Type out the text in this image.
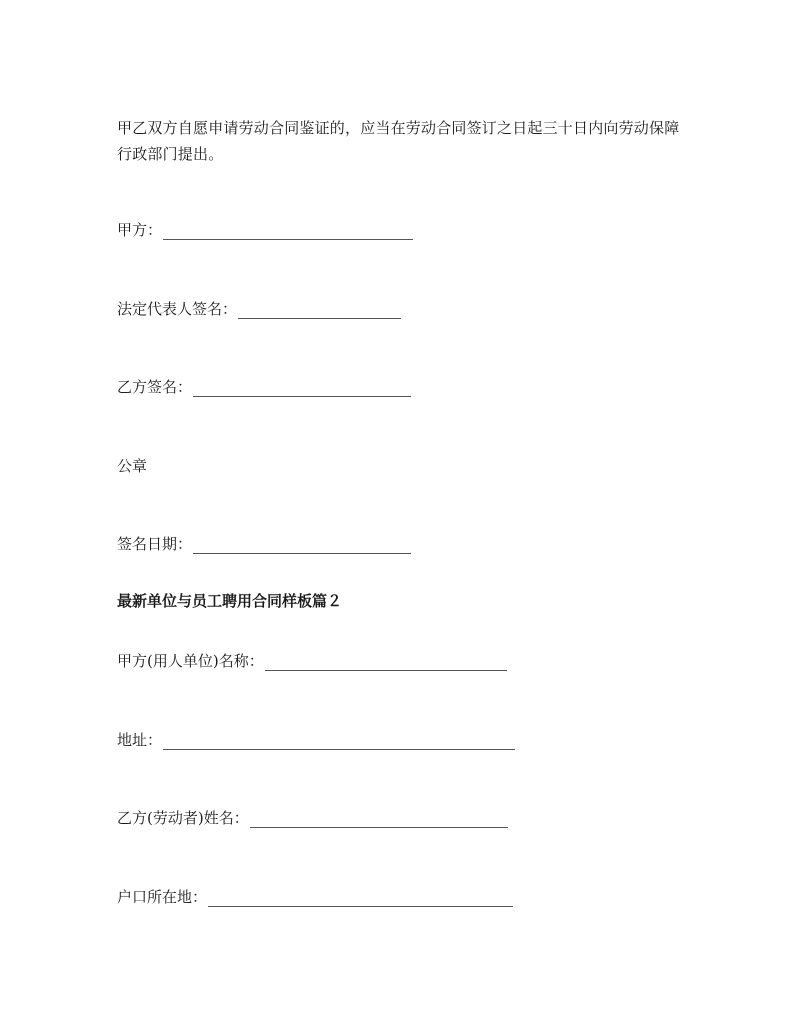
甲乙双方自愿申请劳动合同鉴证的，应当在劳动合同签订之日起三十日内向劳动保障行政部门提出。
甲方：
法定代表人签名：
乙方签名：
公章
签名日期：
最新单位与员工聘用合同样板篇２
甲方(用人单位)名称：
地址：
乙方(劳动者)姓名：
户口所在地：
